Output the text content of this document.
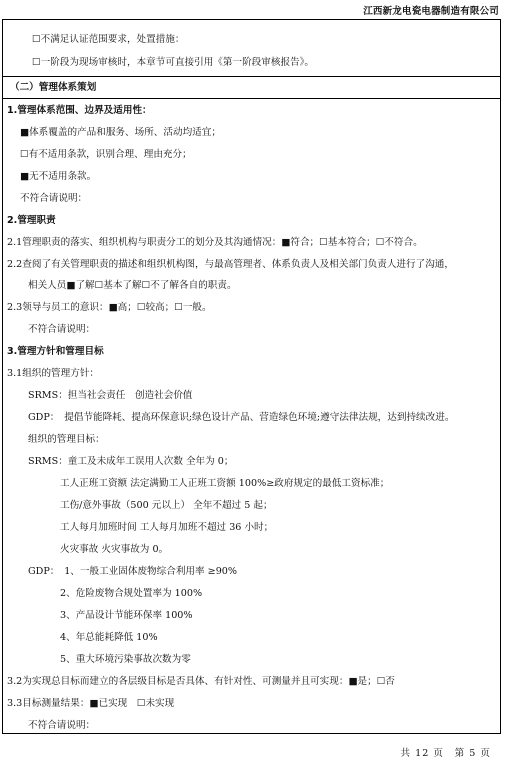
江西新龙电瓷电器制造有限公司
☐不满足认证范围要求，处置措施：
☐一阶段为现场审核时，本章节可直接引用《第一阶段审核报告》。
（二）管理体系策划
1.管理体系范围、边界及适用性：
■体系覆盖的产品和服务、场所、活动均适宜；
☐有不适用条款，识别合理、理由充分；
■无不适用条款。
不符合请说明：
2.管理职责
2.1管理职责的落实、组织机构与职责分工的划分及其沟通情况：■符合；☐基本符合；☐不符合。
2.2查阅了有关管理职责的描述和组织机构图，与最高管理者、体系负责人及相关部门负责人进行了沟通，
相关人员■了解☐基本了解☐不了解各自的职责。
2.3领导与员工的意识：■高；☐较高；☐一般。
不符合请说明：
3.管理方针和管理目标
3.1组织的管理方针：
SRMS：担当社会责任　创造社会价值
GDP：　提倡节能降耗、提高环保意识;绿色设计产品、营造绿色环境;遵守法律法规，达到持续改进。
组织的管理目标：
SRMS：童工及未成年工误用人次数 全年为 0；
工人正班工资额 法定满勤工人正班工资额 100%≥政府规定的最低工资标准；
工伤/意外事故（500 元以上） 全年不超过 5 起；
工人每月加班时间 工人每月加班不超过 36 小时；
火灾事故 火灾事故为 0。
GDP：　1、一般工业固体废物综合利用率 ≥90%
2、危险废物合规处置率为 100%
3、产品设计节能环保率 100%
4、年总能耗降低 10%
5、重大环境污染事故次数为零
3.2为实现总目标而建立的各层级目标是否具体、有针对性、可测量并且可实现：■是；☐否
3.3目标测量结果：■已实现　☐未实现
不符合请说明：
共 12 页　第 5 页
